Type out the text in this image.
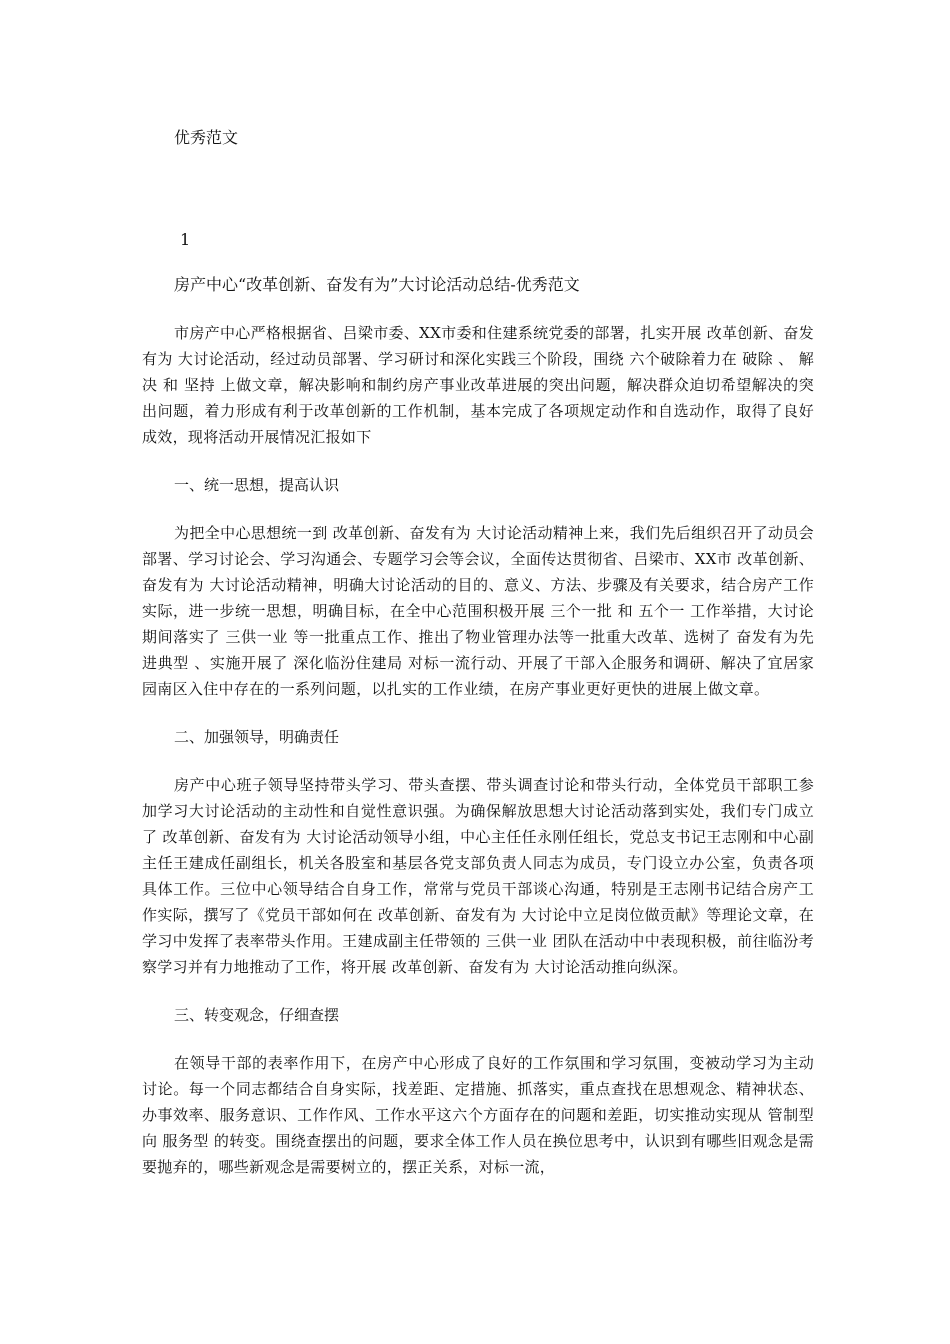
优秀范文
1
房产中心“改革创新、奋发有为”大讨论活动总结-优秀范文

市房产中心严格根据省、吕梁市委、XX市委和住建系统党委的部署，扎实开展 改革创新、奋发有为 大讨论活动，经过动员部署、学习研讨和深化实践三个阶段，围绕 六个破除着力在 破除 、 解决 和 坚持 上做文章，解决影响和制约房产事业改革进展的突出问题，解决群众迫切希望解决的突出问题，着力形成有利于改革创新的工作机制，基本完成了各项规定动作和自选动作，取得了良好成效，现将活动开展情况汇报如下

一、统一思想，提高认识

为把全中心思想统一到 改革创新、奋发有为 大讨论活动精神上来，我们先后组织召开了动员会部署、学习讨论会、学习沟通会、专题学习会等会议，全面传达贯彻省、吕梁市、XX市 改革创新、奋发有为 大讨论活动精神，明确大讨论活动的目的、意义、方法、步骤及有关要求，结合房产工作实际，进一步统一思想，明确目标，在全中心范围积极开展 三个一批 和 五个一 工作举措，大讨论期间落实了 三供一业 等一批重点工作、推出了物业管理办法等一批重大改革、选树了 奋发有为先进典型 、实施开展了 深化临汾住建局 对标一流行动、开展了干部入企服务和调研、解决了宜居家园南区入住中存在的一系列问题，以扎实的工作业绩，在房产事业更好更快的进展上做文章。

二、加强领导，明确责任

房产中心班子领导坚持带头学习、带头查摆、带头调查讨论和带头行动，全体党员干部职工参加学习大讨论活动的主动性和自觉性意识强。为确保解放思想大讨论活动落到实处，我们专门成立了 改革创新、奋发有为 大讨论活动领导小组，中心主任任永刚任组长，党总支书记王志刚和中心副主任王建成任副组长，机关各股室和基层各党支部负责人同志为成员，专门设立办公室，负责各项具体工作。三位中心领导结合自身工作，常常与党员干部谈心沟通，特别是王志刚书记结合房产工作实际，撰写了《党员干部如何在 改革创新、奋发有为 大讨论中立足岗位做贡献》等理论文章，在学习中发挥了表率带头作用。王建成副主任带领的 三供一业 团队在活动中中表现积极，前往临汾考察学习并有力地推动了工作，将开展 改革创新、奋发有为 大讨论活动推向纵深。

三、转变观念，仔细查摆

在领导干部的表率作用下，在房产中心形成了良好的工作氛围和学习氛围，变被动学习为主动讨论。每一个同志都结合自身实际，找差距、定措施、抓落实，重点查找在思想观念、精神状态、办事效率、服务意识、工作作风、工作水平这六个方面存在的问题和差距，切实推动实现从 管制型 向 服务型 的转变。围绕查摆出的问题，要求全体工作人员在换位思考中，认识到有哪些旧观念是需要抛弃的，哪些新观念是需要树立的，摆正关系，对标一流，
